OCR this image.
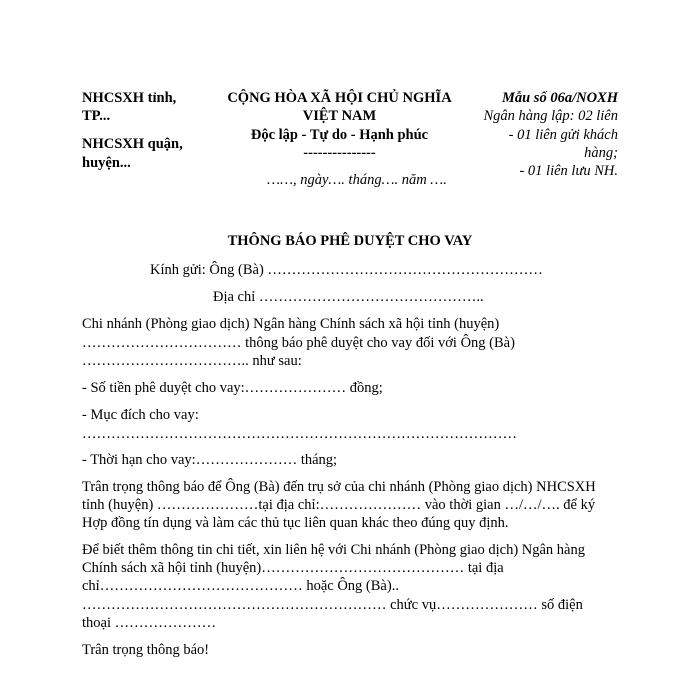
NHCSXH tỉnh,
TP...
NHCSXH quận,
huyện...
CỘNG HÒA XÃ HỘI CHỦ NGHĨA
VIỆT NAM
Độc lập - Tự do - Hạnh phúc
---------------
……, ngày…. tháng…. năm ….
Mẫu số 06a/NOXH
Ngân hàng lập: 02 liên
- 01 liên gửi khách
hàng;
- 01 liên lưu NH.
THÔNG BÁO PHÊ DUYỆT CHO VAY
Kính gửi: Ông (Bà) …………………………………………………
Địa chỉ ………………………………………..
Chi nhánh (Phòng giao dịch) Ngân hàng Chính sách xã hội tỉnh (huyện)
…………………………… thông báo phê duyệt cho vay đối với Ông (Bà)
…………………………….. như sau:
- Số tiền phê duyệt cho vay:………………… đồng;
- Mục đích cho vay:
………………………………………………………………………………
- Thời hạn cho vay:………………… tháng;
Trân trọng thông báo để Ông (Bà) đến trụ sở của chi nhánh (Phòng giao dịch) NHCSXH
tỉnh (huyện) …………………tại địa chỉ:………………… vào thời gian …/…/…. để ký
Hợp đồng tín dụng và làm các thủ tục liên quan khác theo đúng quy định.
Để biết thêm thông tin chi tiết, xin liên hệ với Chi nhánh (Phòng giao dịch) Ngân hàng
Chính sách xã hội tỉnh (huyện)…………………………………… tại địa
chỉ…………………………………… hoặc Ông (Bà)..
……………………………………………………… chức vụ………………… số điện
thoại …………………
Trân trọng thông báo!
